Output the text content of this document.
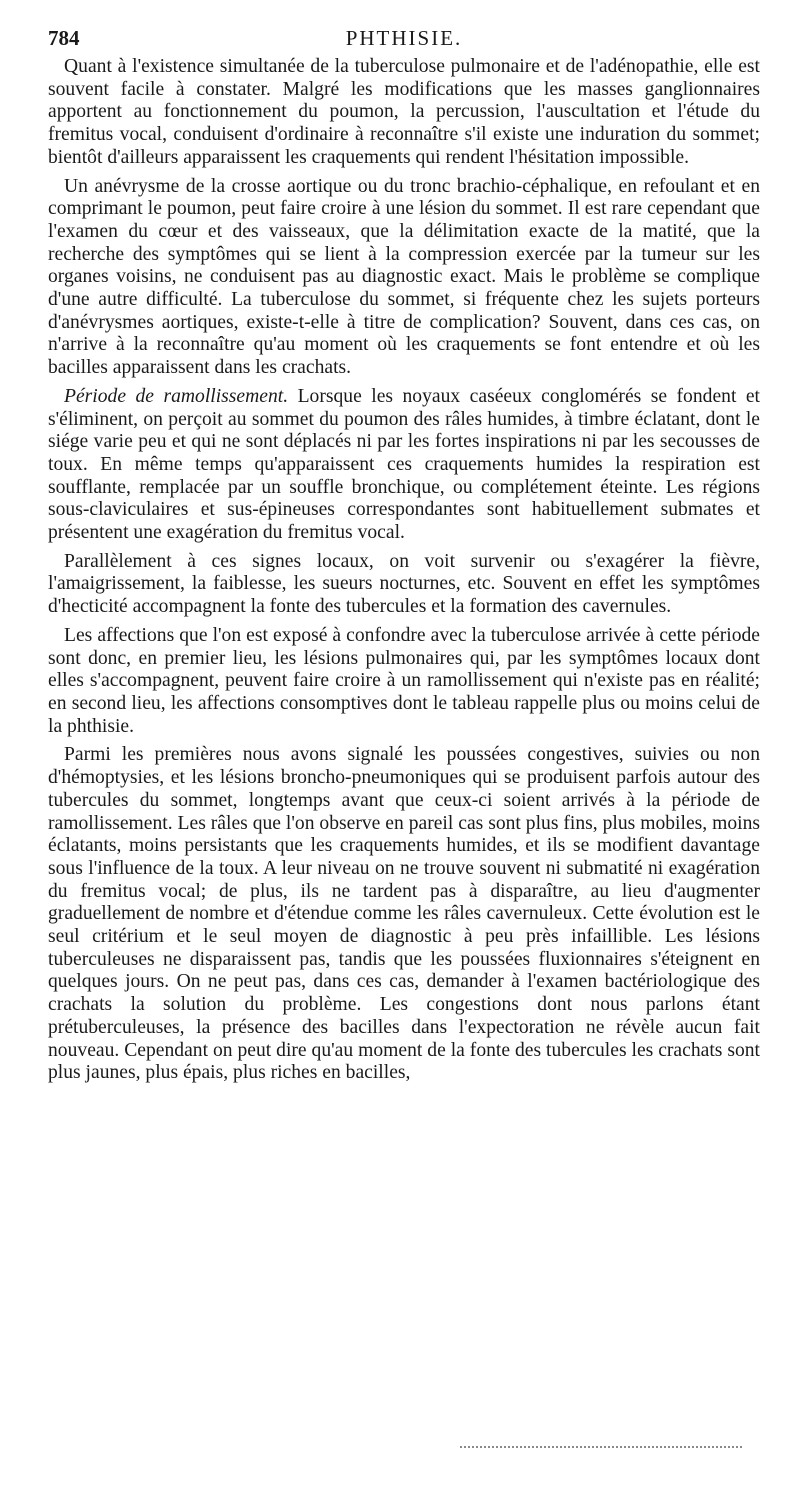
784	PHTHISIE.

Quant à l'existence simultanée de la tuberculose pulmonaire et de l'adénopathie, elle est souvent facile à constater. Malgré les modifications que les masses ganglionnaires apportent au fonctionnement du poumon, la percussion, l'auscultation et l'étude du fremitus vocal, conduisent d'ordinaire à reconnaître s'il existe une induration du sommet; bientôt d'ailleurs apparaissent les craquements qui rendent l'hésitation impossible.

Un anévrysme de la crosse aortique ou du tronc brachio-céphalique, en refoulant et en comprimant le poumon, peut faire croire à une lésion du sommet. Il est rare cependant que l'examen du cœur et des vaisseaux, que la délimitation exacte de la matité, que la recherche des symptômes qui se lient à la compression exercée par la tumeur sur les organes voisins, ne conduisent pas au diagnostic exact. Mais le problème se complique d'une autre difficulté. La tuberculose du sommet, si fréquente chez les sujets porteurs d'anévrysmes aortiques, existe-t-elle à titre de complication? Souvent, dans ces cas, on n'arrive à la reconnaître qu'au moment où les craquements se font entendre et où les bacilles apparaissent dans les crachats.

Période de ramollissement. Lorsque les noyaux caséeux conglomérés se fondent et s'éliminent, on perçoit au sommet du poumon des râles humides, à timbre éclatant, dont le siége varie peu et qui ne sont déplacés ni par les fortes inspirations ni par les secousses de toux. En même temps qu'apparaissent ces craquements humides la respiration est soufflante, remplacée par un souffle bronchique, ou complétement éteinte. Les régions sous-claviculaires et sus-épineuses correspondantes sont habituellement submates et présentent une exagération du fremitus vocal.

Parallèlement à ces signes locaux, on voit survenir ou s'exagérer la fièvre, l'amaigrissement, la faiblesse, les sueurs nocturnes, etc. Souvent en effet les symptômes d'hecticité accompagnent la fonte des tubercules et la formation des cavernules.

Les affections que l'on est exposé à confondre avec la tuberculose arrivée à cette période sont donc, en premier lieu, les lésions pulmonaires qui, par les symptômes locaux dont elles s'accompagnent, peuvent faire croire à un ramollissement qui n'existe pas en réalité; en second lieu, les affections consomptives dont le tableau rappelle plus ou moins celui de la phthisie.

Parmi les premières nous avons signalé les poussées congestives, suivies ou non d'hémoptysies, et les lésions broncho-pneumoniques qui se produisent parfois autour des tubercules du sommet, longtemps avant que ceux-ci soient arrivés à la période de ramollissement. Les râles que l'on observe en pareil cas sont plus fins, plus mobiles, moins éclatants, moins persistants que les craquements humides, et ils se modifient davantage sous l'influence de la toux. A leur niveau on ne trouve souvent ni submatité ni exagération du fremitus vocal; de plus, ils ne tardent pas à disparaître, au lieu d'augmenter graduellement de nombre et d'étendue comme les râles cavernuleux. Cette évolution est le seul critérium et le seul moyen de diagnostic à peu près infaillible. Les lésions tuberculeuses ne disparaissent pas, tandis que les poussées fluxionnaires s'éteignent en quelques jours. On ne peut pas, dans ces cas, demander à l'examen bactériologique des crachats la solution du problème. Les congestions dont nous parlons étant prétuberculeuses, la présence des bacilles dans l'expectoration ne révèle aucun fait nouveau. Cependant on peut dire qu'au moment de la fonte des tubercules les crachats sont plus jaunes, plus épais, plus riches en bacilles,
